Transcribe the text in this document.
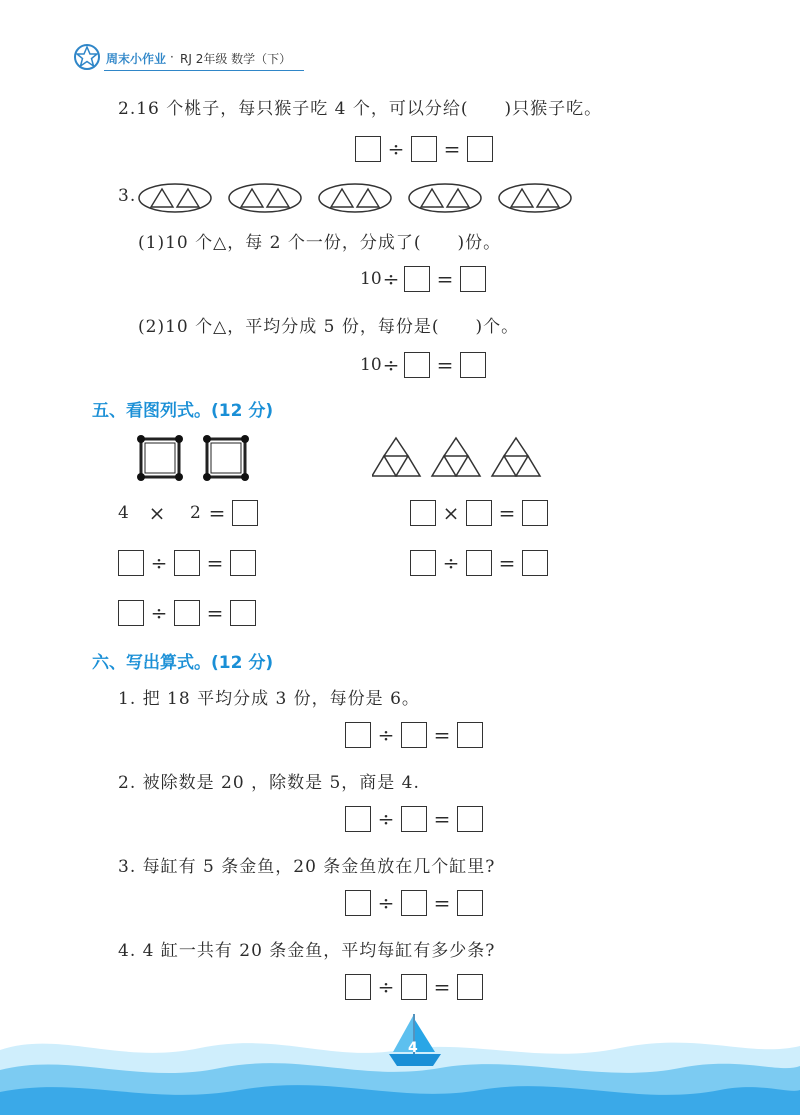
周末小作业 · RJ 2年级 数学（下）
2.16 个桃子，每只猴子吃 4 个，可以分给(　　)只猴子吃。
÷ =
3.
(1)10 个△，每 2 个一份，分成了(　　)份。
10 ÷ =
(2)10 个△，平均分成 5 份，每份是(　　)个。
10 ÷ =
五、看图列式。(12 分)
4 × 2 =
÷ =
÷ =
× =
÷ =
六、写出算式。(12 分)
1. 把 18 平均分成 3 份，每份是 6。
÷ =
2. 被除数是 20 ，除数是 5，商是 4.
÷ =
3. 每缸有 5 条金鱼，20 条金鱼放在几个缸里?
÷ =
4. 4 缸一共有 20 条金鱼，平均每缸有多少条?
÷ =
4
